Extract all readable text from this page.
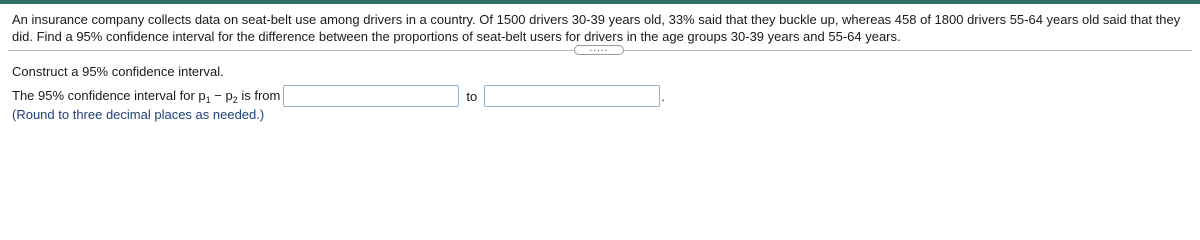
An insurance company collects data on seat-belt use among drivers in a country. Of 1500 drivers 30-39 years old, 33% said that they buckle up, whereas 458 of 1800 drivers 55-64 years old said that they did. Find a 95% confidence interval for the difference between the proportions of seat-belt users for drivers in the age groups 30-39 years and 55-64 years.
.....
Construct a 95% confidence interval.
The 95% confidence interval for $p_1 - p_2$ is from	to	.
(Round to three decimal places as needed.)
